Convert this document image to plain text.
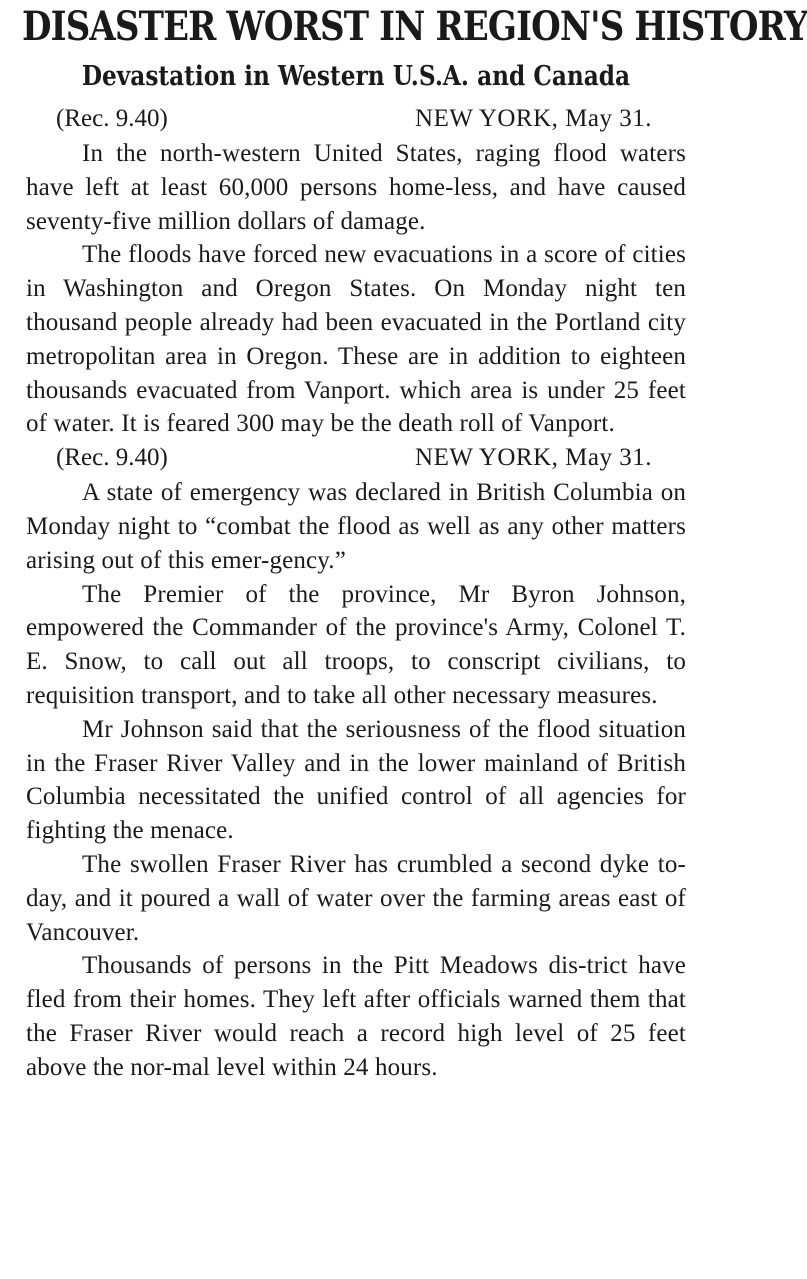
DISASTER WORST IN REGION'S HISTORY
Devastation in Western U.S.A. and Canada
(Rec. 9.40)	NEW YORK, May 31.

In the north-western United States, raging flood waters have left at least 60,000 persons home-less, and have caused seventy-five million dollars of damage.

The floods have forced new evacuations in a score of cities in Washington and Oregon States. On Monday night ten thousand people already had been evacuated in the Portland city metropolitan area in Oregon. These are in addition to eighteen thousands evacuated from Vanport. which area is under 25 feet of water. It is feared 300 may be the death roll of Vanport.

(Rec. 9.40)	NEW YORK, May 31.

A state of emergency was declared in British Columbia on Monday night to “combat the flood as well as any other matters arising out of this emer-gency.”

The Premier of the province, Mr Byron Johnson, empowered the Commander of the province's Army, Colonel T. E. Snow, to call out all troops, to conscript civilians, to requisition transport, and to take all other necessary measures.

Mr Johnson said that the seriousness of the flood situation in the Fraser River Valley and in the lower mainland of British Columbia necessitated the unified control of all agencies for fighting the menace.

The swollen Fraser River has crumbled a second dyke to-day, and it poured a wall of water over the farming areas east of Vancouver.

Thousands of persons in the Pitt Meadows dis-trict have fled from their homes. They left after officials warned them that the Fraser River would reach a record high level of 25 feet above the nor-mal level within 24 hours.
